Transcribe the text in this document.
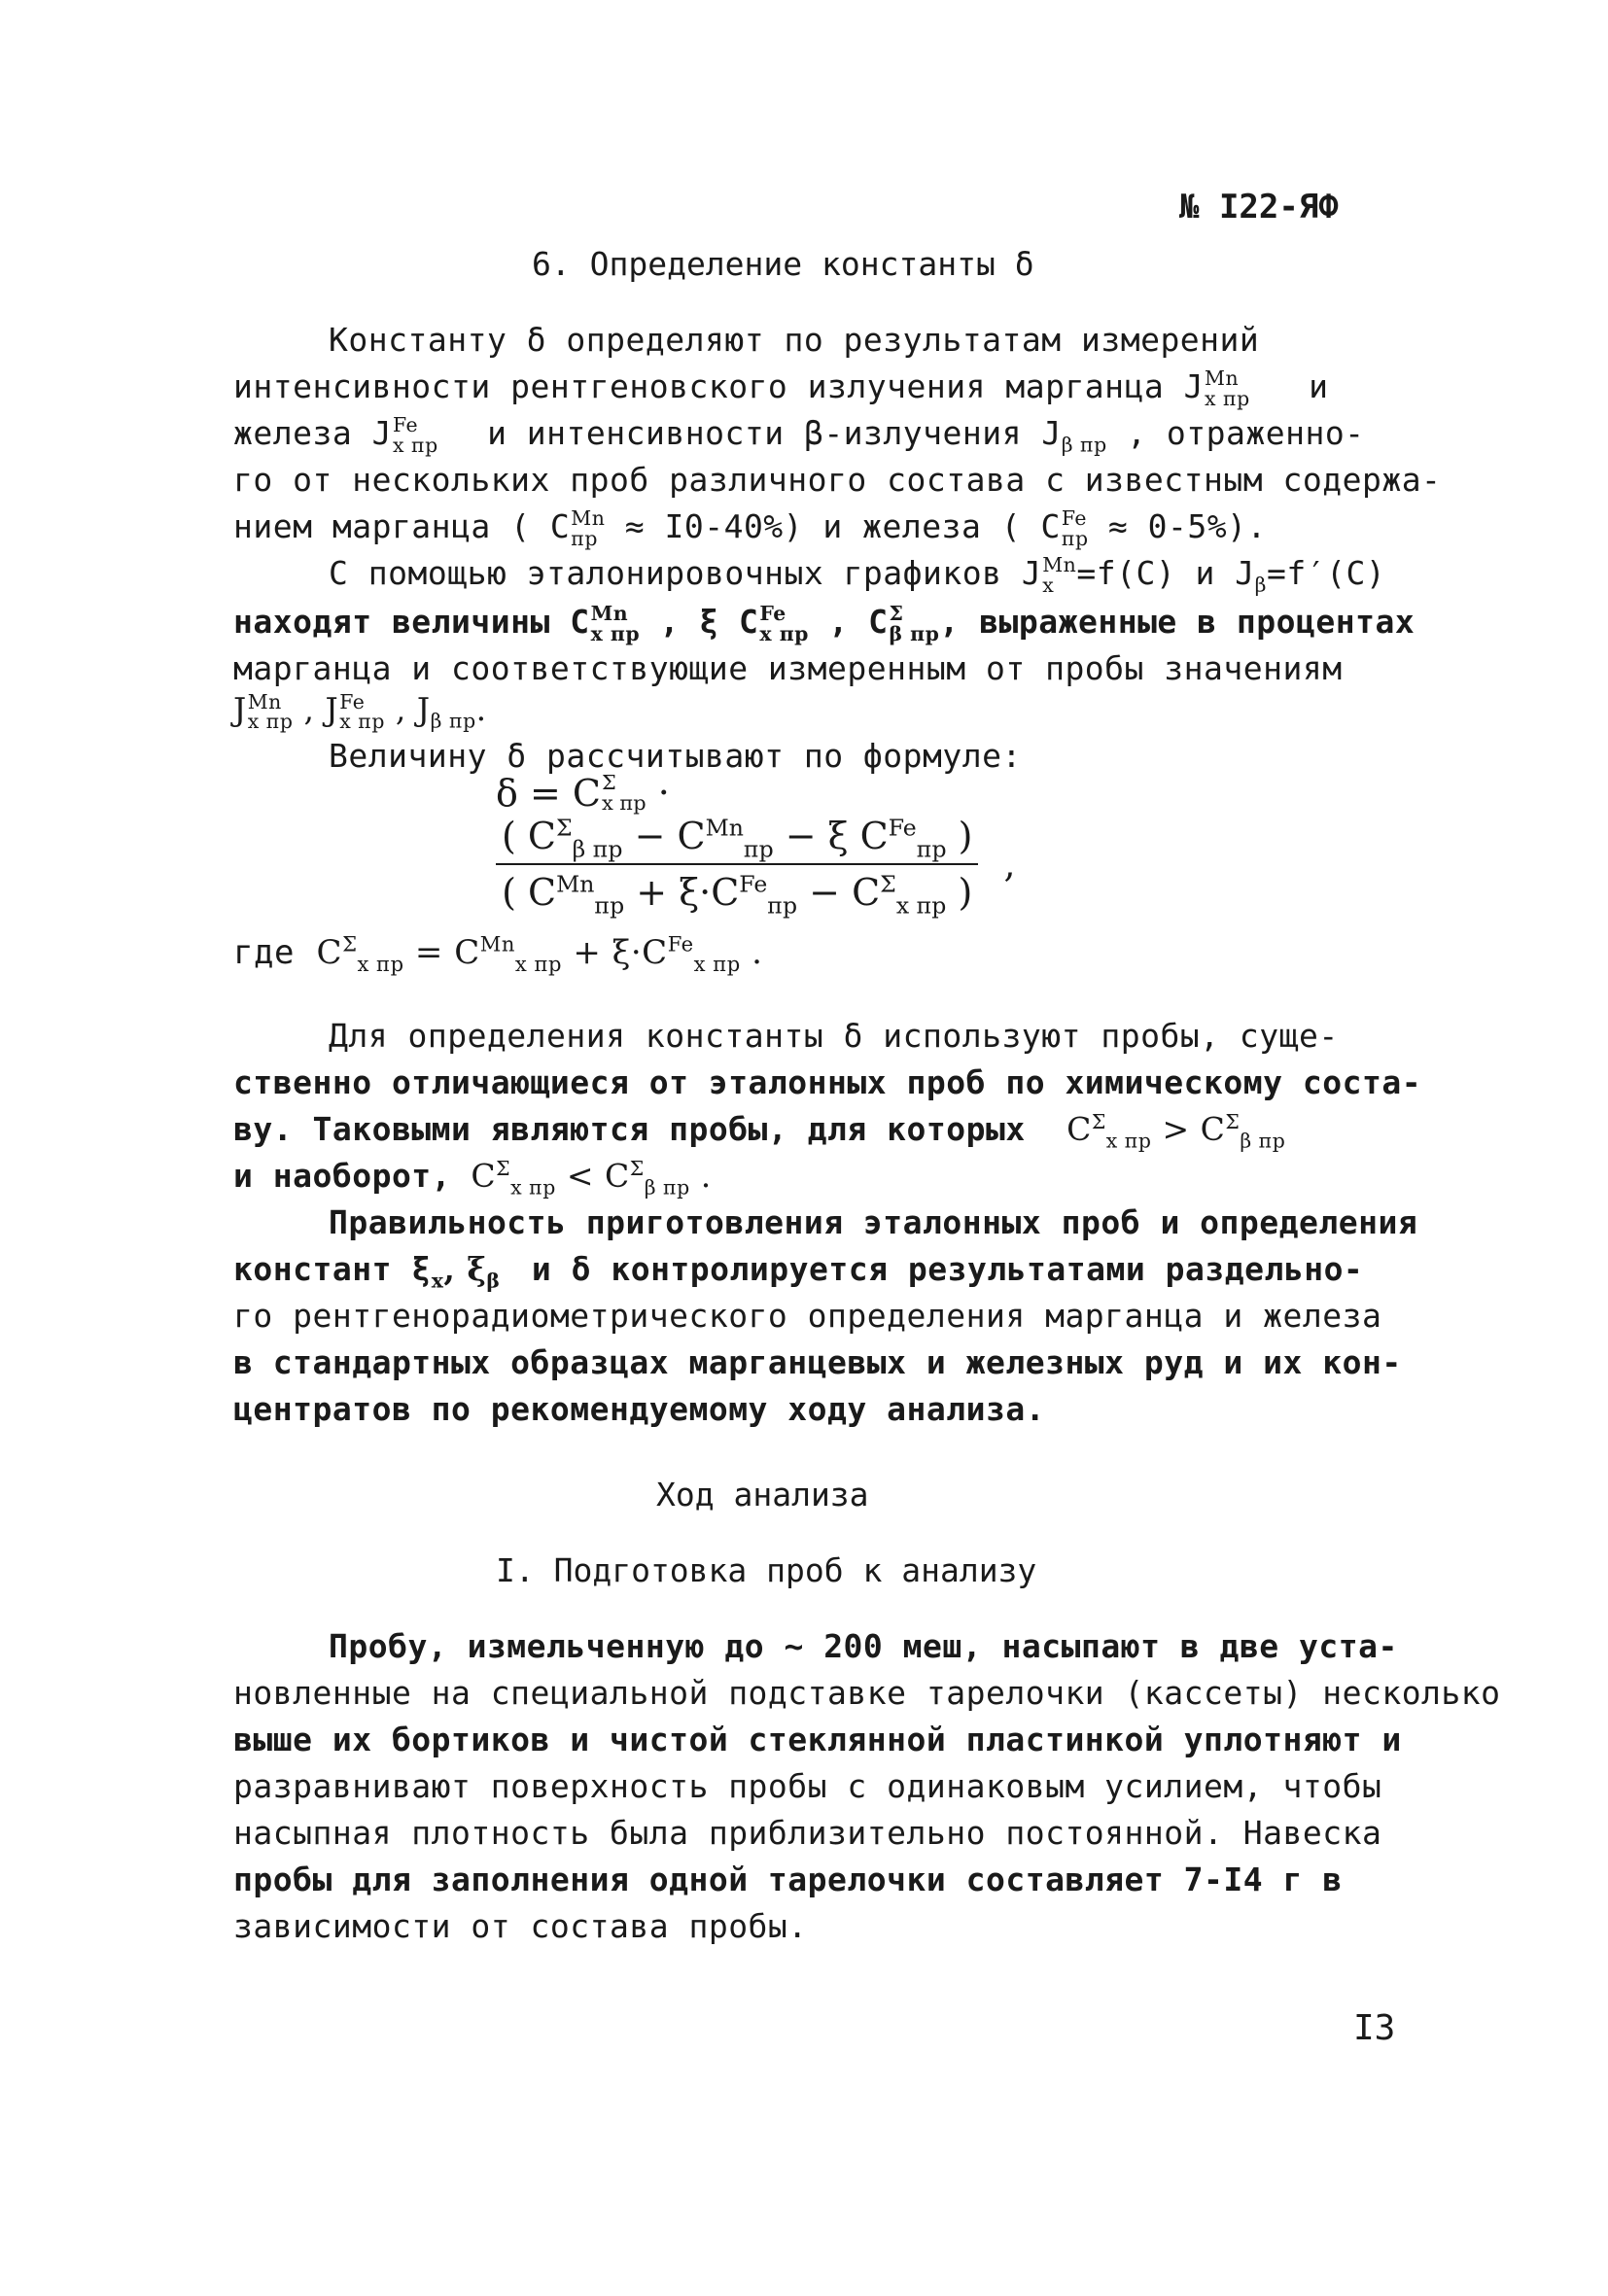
№ I22-ЯФ
6. Определение константы δ
Константу δ определяют по результатам измерений
интенсивности рентгеновского излучения марганца J Mn
x пр и
железа J Fe
x пр и интенсивности β-излучения $J_{\beta пр}$ , отраженно-
го от нескольких проб различного состава с известным содержа-
нием марганца ( C Mn
пр ≈ I0-40%) и железа ( C Fe
пр ≈ 0-5%).
С помощью эталонировочных графиков J Mn
x =f(C) и $J_\beta=f'(C)$
находят величины C Mn
x пр , ξ C Fe
x пр , C Σ
β пр , выраженные в процентах
марганца и соответствующие измеренным от пробы значениям
J Mn
x пр , J Fe
x пр , $J_{\beta пр}$.
Величину δ рассчитывают по формуле:
δ = C Σ
x пр ·
$\frac{( C^\Sigma_{\beta пр} - C^{Mn}_{пр} - \xi C^{Fe}_{пр} )}{( C^{Mn}_{пр} + \xi\cdot C^{Fe}_{пр} - C^\Sigma_{x пр} )}$ ,
где  $C^\Sigma_{x пр} = C^{Mn}_{x пр} + \xi\cdot C^{Fe}_{x пр}$ .
Для определения константы δ используют пробы, суще-
ственно отличающиеся от эталонных проб по химическому соста-
ву. Таковыми являются пробы, для которых   $C^\Sigma_{x пр} > C^\Sigma_{\beta пр}$
и наоборот, $C^\Sigma_{x пр} < C^\Sigma_{\beta пр}$ .
Правильность приготовления эталонных проб и определения
констант $\xi_x$, $\xi_\beta$ и δ контролируется результатами раздельно-
го рентгенорадиометрического определения марганца и железа
в стандартных образцах марганцевых и железных руд и их кон-
центратов по рекомендуемому ходу анализа.
Ход анализа
I. Подготовка проб к анализу
Пробу, измельченную до ∼ 200 меш, насыпают в две уста-
новленные на специальной подставке тарелочки (кассеты) несколько
выше их бортиков и чистой стеклянной пластинкой уплотняют и
разравнивают поверхность пробы с одинаковым усилием, чтобы
насыпная плотность была приблизительно постоянной. Навеска
пробы для заполнения одной тарелочки составляет 7-I4 г в
зависимости от состава пробы.
I3
